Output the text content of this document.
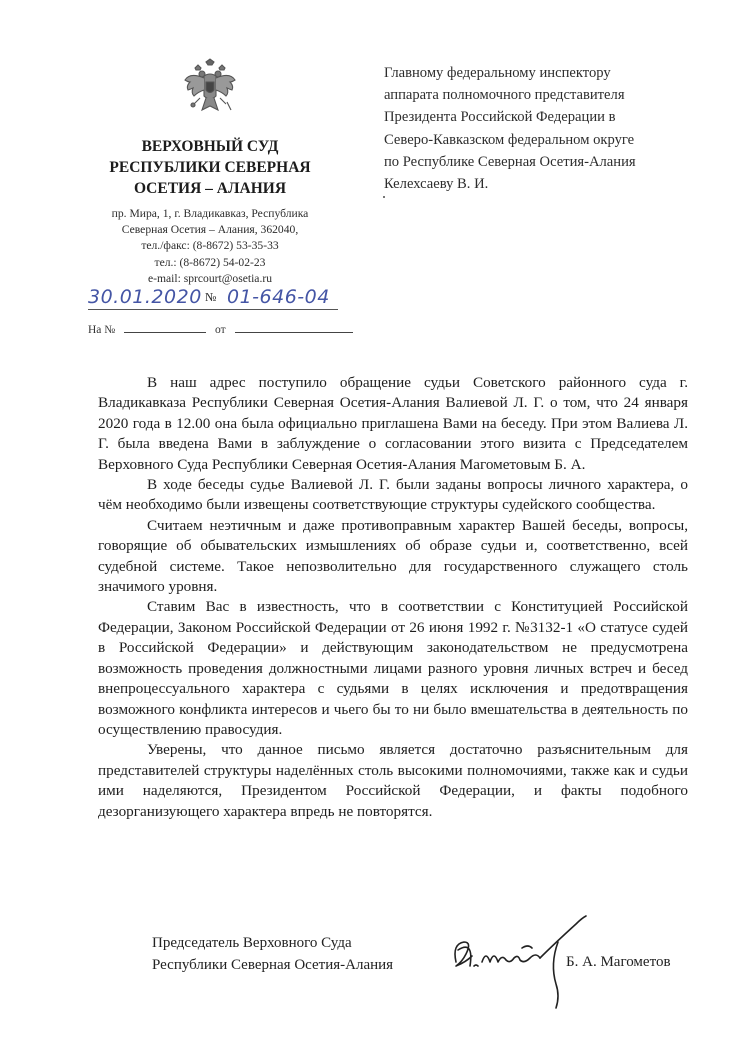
ВЕРХОВНЫЙ СУД
РЕСПУБЛИКИ СЕВЕРНАЯ
ОСЕТИЯ – АЛАНИЯ
пр. Мира, 1, г. Владикавказ, Республика
Северная Осетия – Алания, 362040,
тел./факс: (8-8672) 53-35-33
тел.: (8-8672) 54-02-23
e-mail: sprcourt@osetia.ru
30.01.2020 № 01-646-04
На №	от
Главному федеральному инспектору
аппарата полномочного представителя
Президента Российской Федерации в
Северо-Кавказском федеральном округе
по Республике Северная Осетия-Алания
Келехсаеву В. И.

В наш адрес поступило обращение судьи Советского районного суда г. Владикавказа Республики Северная Осетия-Алания Валиевой Л. Г. о том, что 24 января 2020 года в 12.00 она была официально приглашена Вами на беседу. При этом Валиева Л. Г. была введена Вами в заблуждение о согласовании этого визита с Председателем Верховного Суда Республики Северная Осетия-Алания Магометовым Б. А.

В ходе беседы судье Валиевой Л. Г. были заданы вопросы личного характера, о чём необходимо были извещены соответствующие структуры судейского сообщества.

Считаем неэтичным и даже противоправным характер Вашей беседы, вопросы, говорящие об обывательских измышлениях об образе судьи и, соответственно, всей судебной системе. Такое непозволительно для государственного служащего столь значимого уровня.

Ставим Вас в известность, что в соответствии с Конституцией Российской Федерации, Законом Российской Федерации от 26 июня 1992 г. №3132-1 «О статусе судей в Российской Федерации» и действующим законодательством не предусмотрена возможность проведения должностными лицами разного уровня личных встреч и бесед внепроцессуального характера с судьями в целях исключения и предотвращения возможного конфликта интересов и чьего бы то ни было вмешательства в деятельность по осуществлению правосудия.

Уверены, что данное письмо является достаточно разъяснительным для представителей структуры наделённых столь высокими полномочиями, также как и судьи ими наделяются, Президентом Российской Федерации, и факты подобного дезорганизующего характера впредь не повторятся.

Председатель Верховного Суда
Республики Северная Осетия-Алания	Б. А. Магометов
